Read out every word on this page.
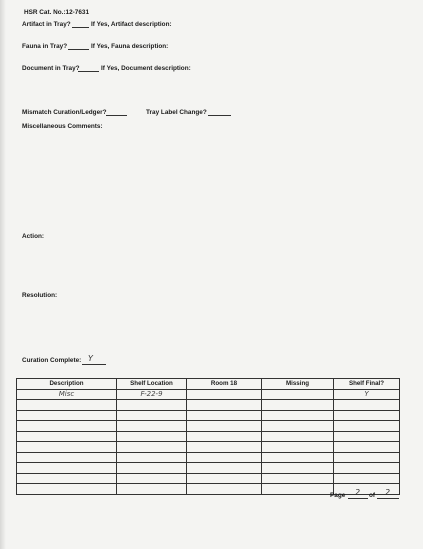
HSR Cat. No.:12-7631
Artifact in Tray?	If Yes, Artifact description:
Fauna in Tray?	If Yes, Fauna description:
Document in Tray?	If Yes, Document description:
Mismatch Curation/Ledger?	Tray Label Change?
Miscellaneous Comments:
Action:
Resolution:
Curation Complete: Y
Description	Shelf Location	Room 18	Missing	Shelf Final?
Misc	F-22-9			Y

Page 2 of 2
